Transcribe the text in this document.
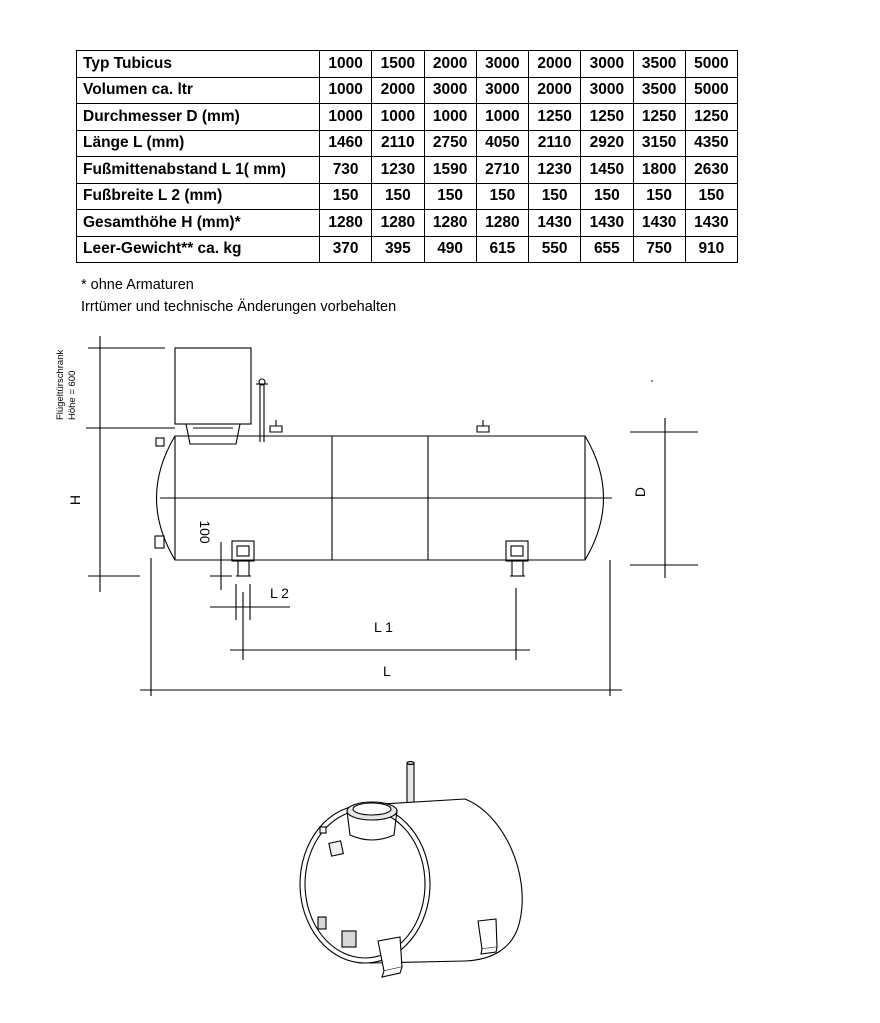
Typ Tubicus	1000	1500	2000	3000	2000	3000	3500	5000
Volumen ca. ltr	1000	2000	3000	3000	2000	3000	3500	5000
Durchmesser D (mm)	1000	1000	1000	1000	1250	1250	1250	1250
Länge L (mm)	1460	2110	2750	4050	2110	2920	3150	4350
Fußmittenabstand L 1( mm)	730	1230	1590	2710	1230	1450	1800	2630
Fußbreite L 2 (mm)	150	150	150	150	150	150	150	150
Gesamthöhe H (mm)*	1280	1280	1280	1280	1430	1430	1430	1430
Leer-Gewicht** ca. kg	370	395	490	615	550	655	750	910
* ohne Armaturen
Irrtümer und technische Änderungen vorbehalten
Flügeltürschrank Höhe = 600
H
D
100
L 2
L 1
L
